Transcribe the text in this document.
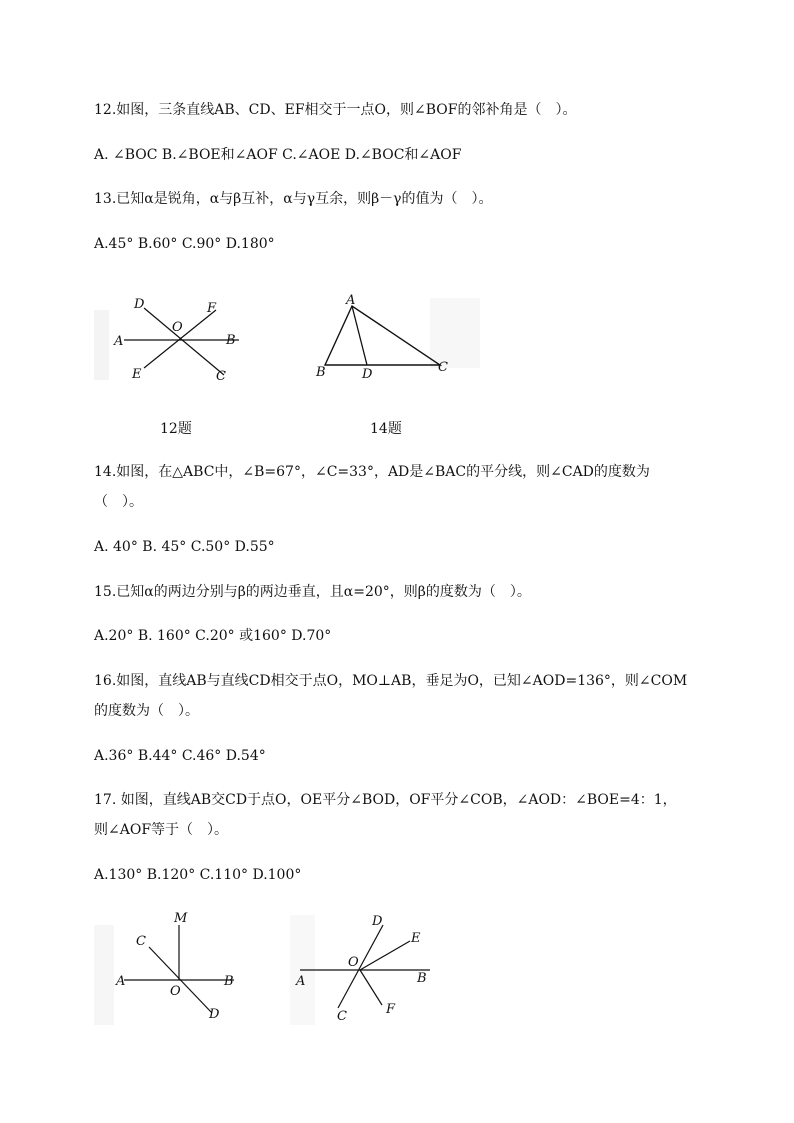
12.如图，三条直线AB、CD、EF相交于一点O，则∠BOF的邻补角是（　）。
A. ∠BOC B.∠BOE和∠AOF C.∠AOE D.∠BOC和∠AOF
13.已知α是锐角，α与β互补，α与γ互余，则β－γ的值为（　）。
A.45° B.60° C.90° D.180°
D	F
O
A	B
E	C
12题
A
B	D	C
14题
14.如图，在△ABC中，∠B=67°，∠C=33°，AD是∠BAC的平分线，则∠CAD的度数为
（　）。
A. 40° B. 45° C.50° D.55°
15.已知α的两边分别与β的两边垂直，且α=20°，则β的度数为（　）。
A.20° B. 160° C.20° 或160° D.70°
16.如图，直线AB与直线CD相交于点O，MO⊥AB，垂足为O，已知∠AOD=136°，则∠COM
的度数为（　）。
A.36° B.44° C.46° D.54°
17. 如图，直线AB交CD于点O，OE平分∠BOD，OF平分∠COB，∠AOD：∠BOE=4：1，
则∠AOF等于（　）。
A.130° B.120° C.110° D.100°
M
C
A
O
B
D
D
E
O
A	B
C	F
